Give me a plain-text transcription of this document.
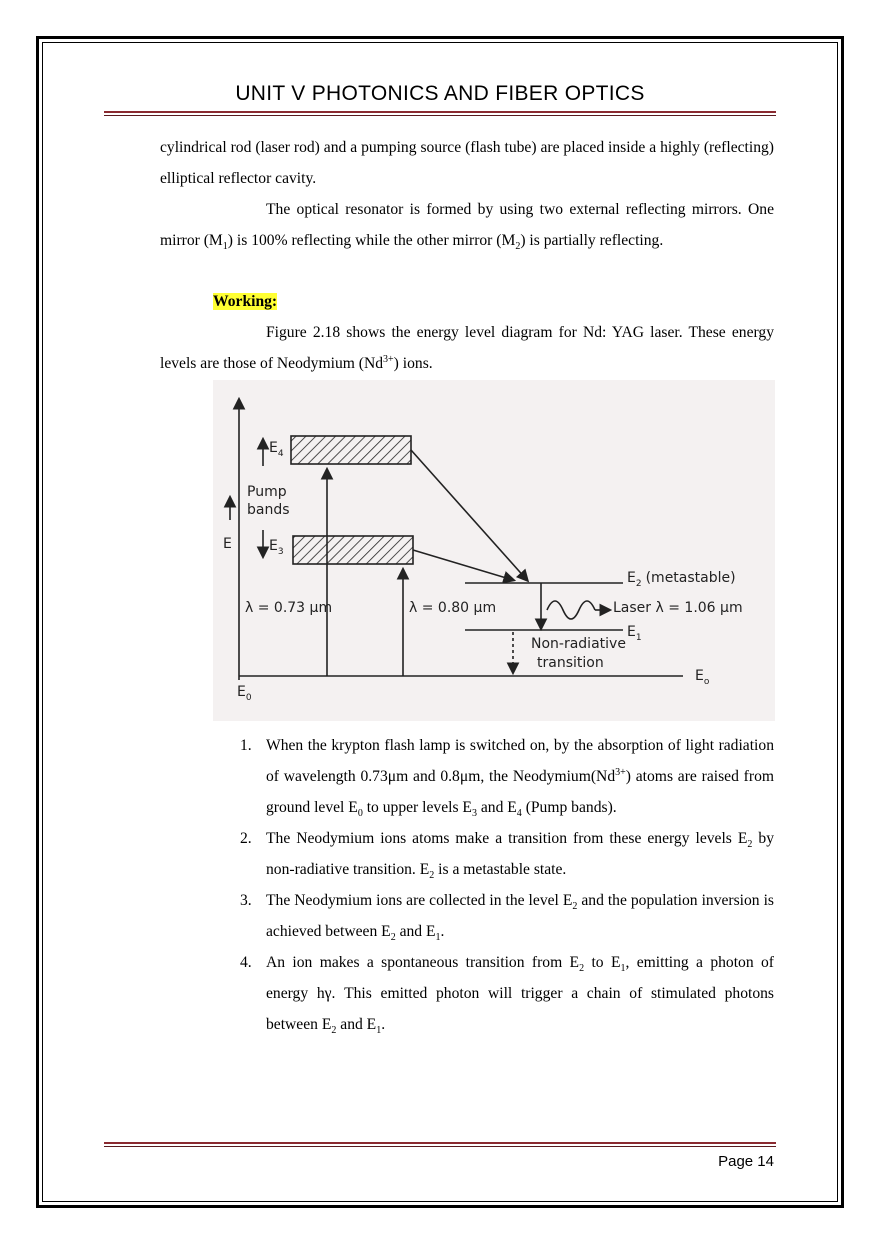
UNIT V PHOTONICS AND FIBER OPTICS

cylindrical rod (laser rod) and a pumping source (flash tube) are placed inside a highly (reflecting) elliptical reflector cavity.

The optical resonator is formed by using two external reflecting mirrors. One mirror $(M_1)$ is 100% reflecting while the other mirror $(M_2)$ is partially reflecting.

Working:

Figure 2.18 shows the energy level diagram for Nd: YAG laser. These energy levels are those of Neodymium $(Nd^{3+})$ ions.

E
$E_0$
$E_o$
$E_4$
$E_3$
Pump
bands
λ = 0.73 μm	λ = 0.80 μm
$E_2$ (metastable)
Laser λ = 1.06 μm
$E_1$
Non-radiative
transition
1. When the krypton flash lamp is switched on, by the absorption of light radiation of wavelength 0.73μm and 0.8μm, the $Neodymium(Nd^{3+})$ atoms are raised from ground level $E_0$ to upper levels $E_3$ and $E_4$ (Pump bands).
2. The Neodymium ions atoms make a transition from these energy levels $E_2$ by non-radiative transition. $E_2$ is a metastable state.
3. The Neodymium ions are collected in the level $E_2$ and the population inversion is achieved between $E_2$ and $E_1$.
4. An ion makes a spontaneous transition from $E_2$ to $E_1$, emitting a photon of energy hγ. This emitted photon will trigger a chain of stimulated photons between $E_2$ and $E_1$.
Page 14
